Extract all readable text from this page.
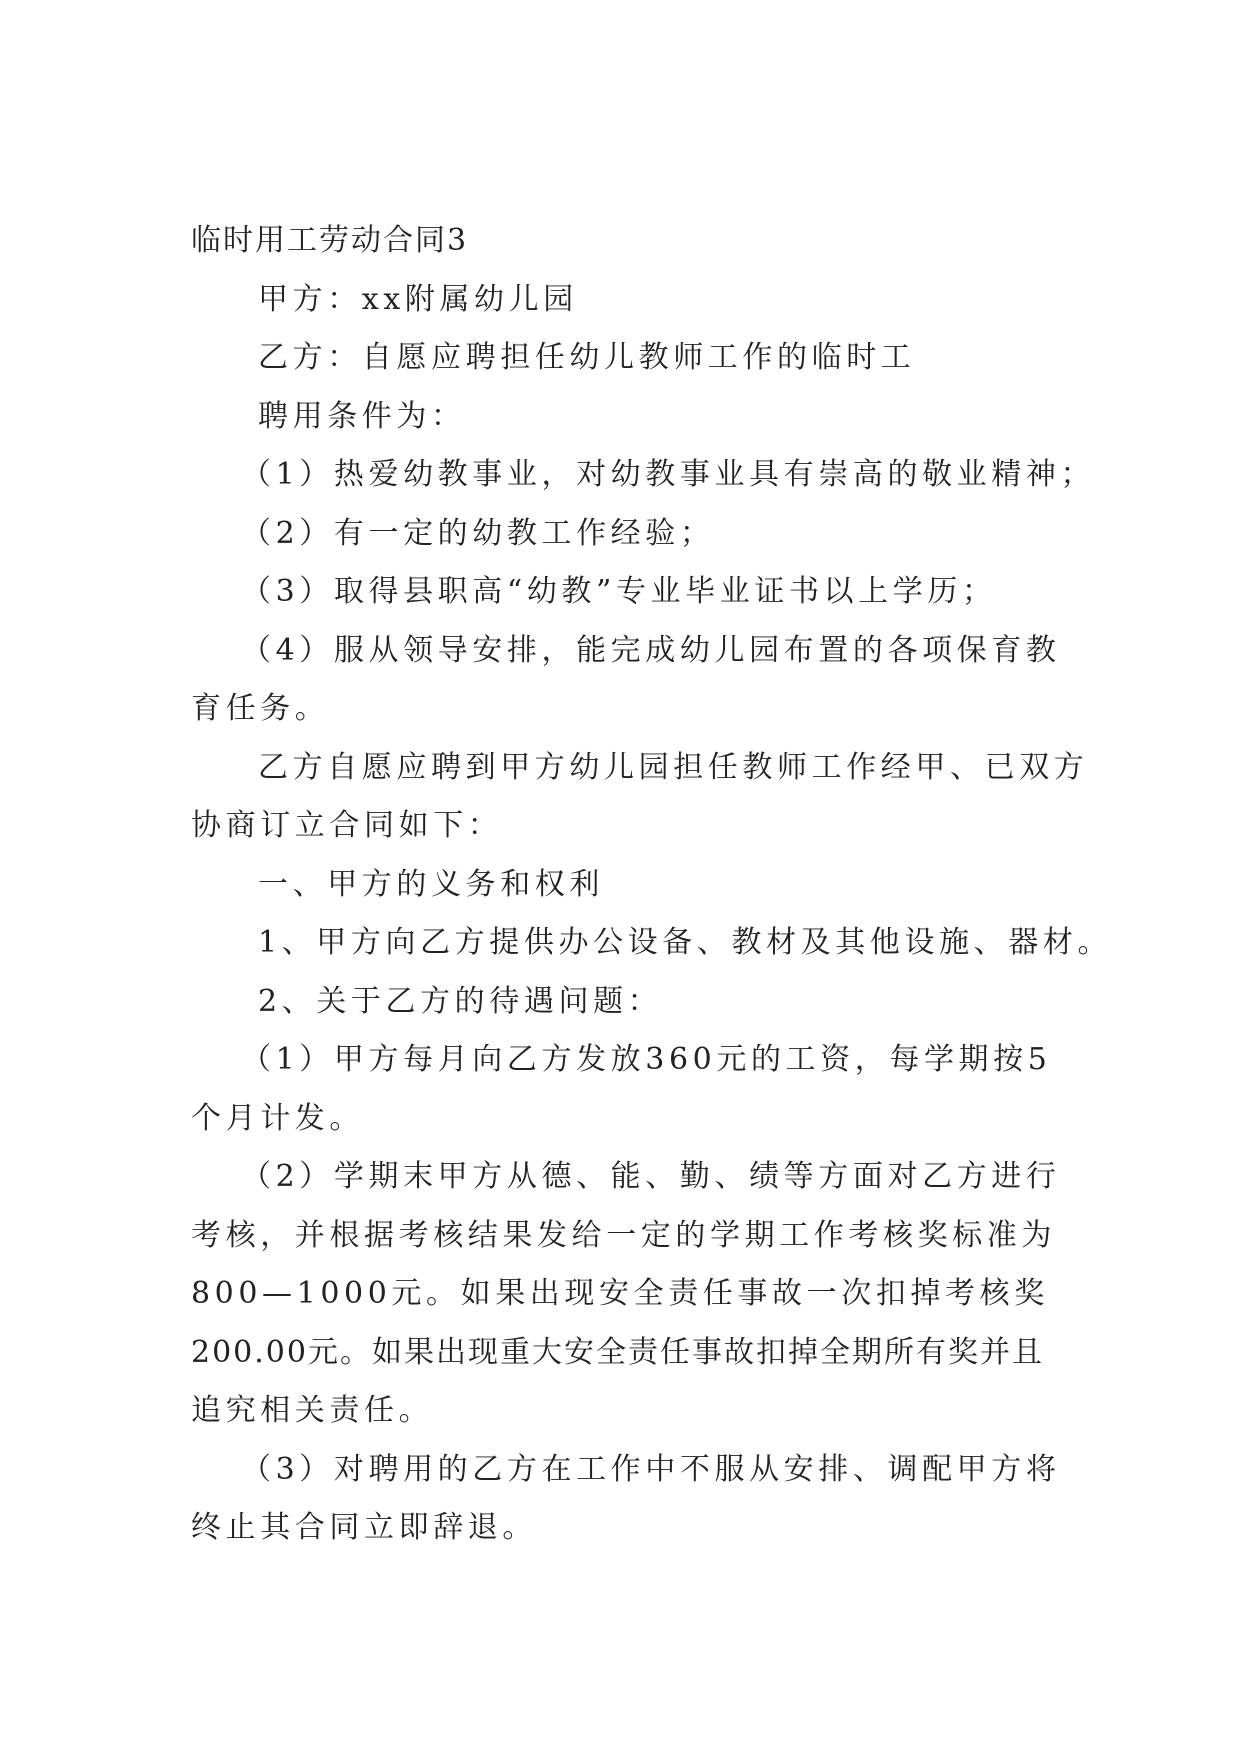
临时用工劳动合同3
甲方：xx附属幼儿园
乙方：自愿应聘担任幼儿教师工作的临时工
聘用条件为：
（1）热爱幼教事业，对幼教事业具有崇高的敬业精神；
（2）有一定的幼教工作经验；
（3）取得县职高“幼教”专业毕业证书以上学历；
（4）服从领导安排，能完成幼儿园布置的各项保育教
育任务。
乙方自愿应聘到甲方幼儿园担任教师工作经甲、已双方
协商订立合同如下：
一、甲方的义务和权利
1、甲方向乙方提供办公设备、教材及其他设施、器材。
2、关于乙方的待遇问题：
（1）甲方每月向乙方发放360元的工资，每学期按5
个月计发。
（2）学期末甲方从德、能、勤、绩等方面对乙方进行
考核，并根据考核结果发给一定的学期工作考核奖标准为
800—1000元。如果出现安全责任事故一次扣掉考核奖
200.00元。如果出现重大安全责任事故扣掉全期所有奖并且
追究相关责任。
（3）对聘用的乙方在工作中不服从安排、调配甲方将
终止其合同立即辞退。
